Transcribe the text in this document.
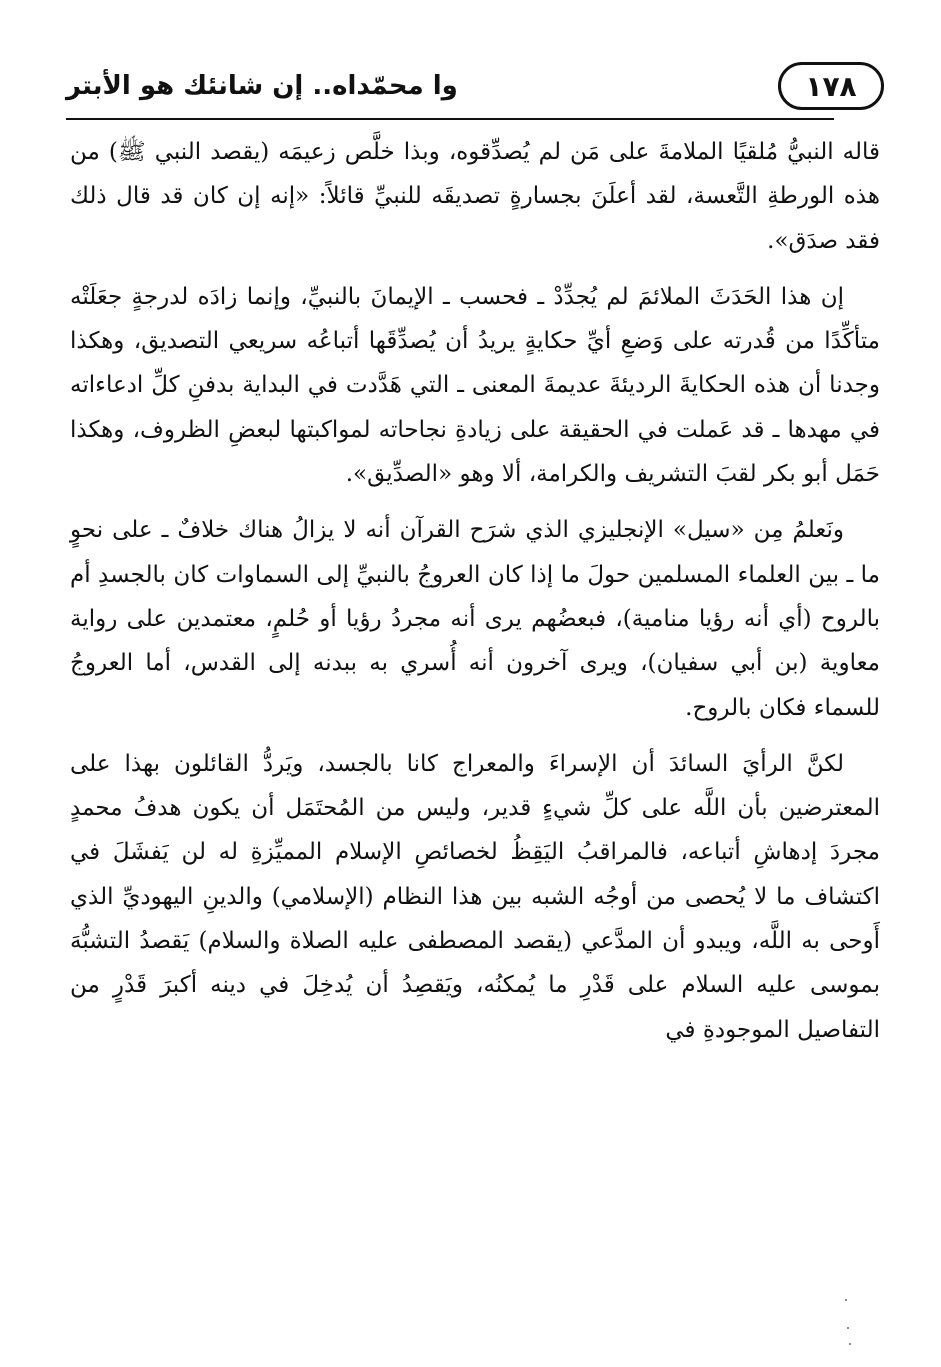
١٧٨
وا محمّداه.. إن شانئك هو الأبتر

قاله النبيُّ مُلقيًا الملامةَ على مَن لم يُصدِّقوه، وبذا خلَّص زعيمَه (يقصد النبي ﷺ) من هذه الورطةِ التَّعسة، لقد أعلَنَ بجسارةٍ تصديقَه للنبيِّ قائلاً: «إنه إن كان قد قال ذلك فقد صدَق».

إن هذا الحَدَثَ الملائمَ لم يُجدِّدْ ـ فحسب ـ الإيمانَ بالنبيِّ، وإنما زادَه لدرجةٍ جعَلَتْه متأكِّدًا من قُدرته على وَضعِ أيِّ حكايةٍ يريدُ أن يُصدِّقَها أتباعُه سريعي التصديق، وهكذا وجدنا أن هذه الحكايةَ الرديئةَ عديمةَ المعنى ـ التي هَدَّدت في البداية بدفنِ كلِّ ادعاءاته في مهدها ـ قد عَملت في الحقيقة على زيادةِ نجاحاته لمواكبتها لبعضِ الظروف، وهكذا حَمَل أبو بكر لقبَ التشريف والكرامة، ألا وهو «الصدِّيق».

ونَعلمُ مِن «سيل» الإنجليزي الذي شرَح القرآن أنه لا يزالُ هناك خلافٌ ـ على نحوٍ ما ـ بين العلماء المسلمين حولَ ما إذا كان العروجُ بالنبيِّ إلى السماوات كان بالجسدِ أم بالروح (أي أنه رؤيا منامية)، فبعضُهم يرى أنه مجردُ رؤيا أو حُلمٍ، معتمدين على رواية معاوية (بن أبي سفيان)، ويرى آخرون أنه أُسري به ببدنه إلى القدس، أما العروجُ للسماء فكان بالروح.

لكنَّ الرأيَ السائدَ أن الإسراءَ والمعراج كانا بالجسد، ويَردُّ القائلون بهذا على المعترضين بأن اللَّه على كلِّ شيءٍ قدير، وليس من المُحتَمَل أن يكون هدفُ محمدٍ مجردَ إدهاشِ أتباعه، فالمراقبُ اليَقِظُ لخصائصِ الإسلام المميِّزةِ له لن يَفشَلَ في اكتشاف ما لا يُحصى من أوجُه الشبه بين هذا النظام (الإسلامي) والدينِ اليهوديِّ الذي أَوحى به اللَّه، ويبدو أن المدَّعي (يقصد المصطفى عليه الصلاة والسلام) يَقصدُ التشبُّهَ بموسى عليه السلام على قَدْرِ ما يُمكنُه، ويَقصِدُ أن يُدخِلَ في دينه أكبرَ قَدْرٍ من التفاصيل الموجودةِ في
